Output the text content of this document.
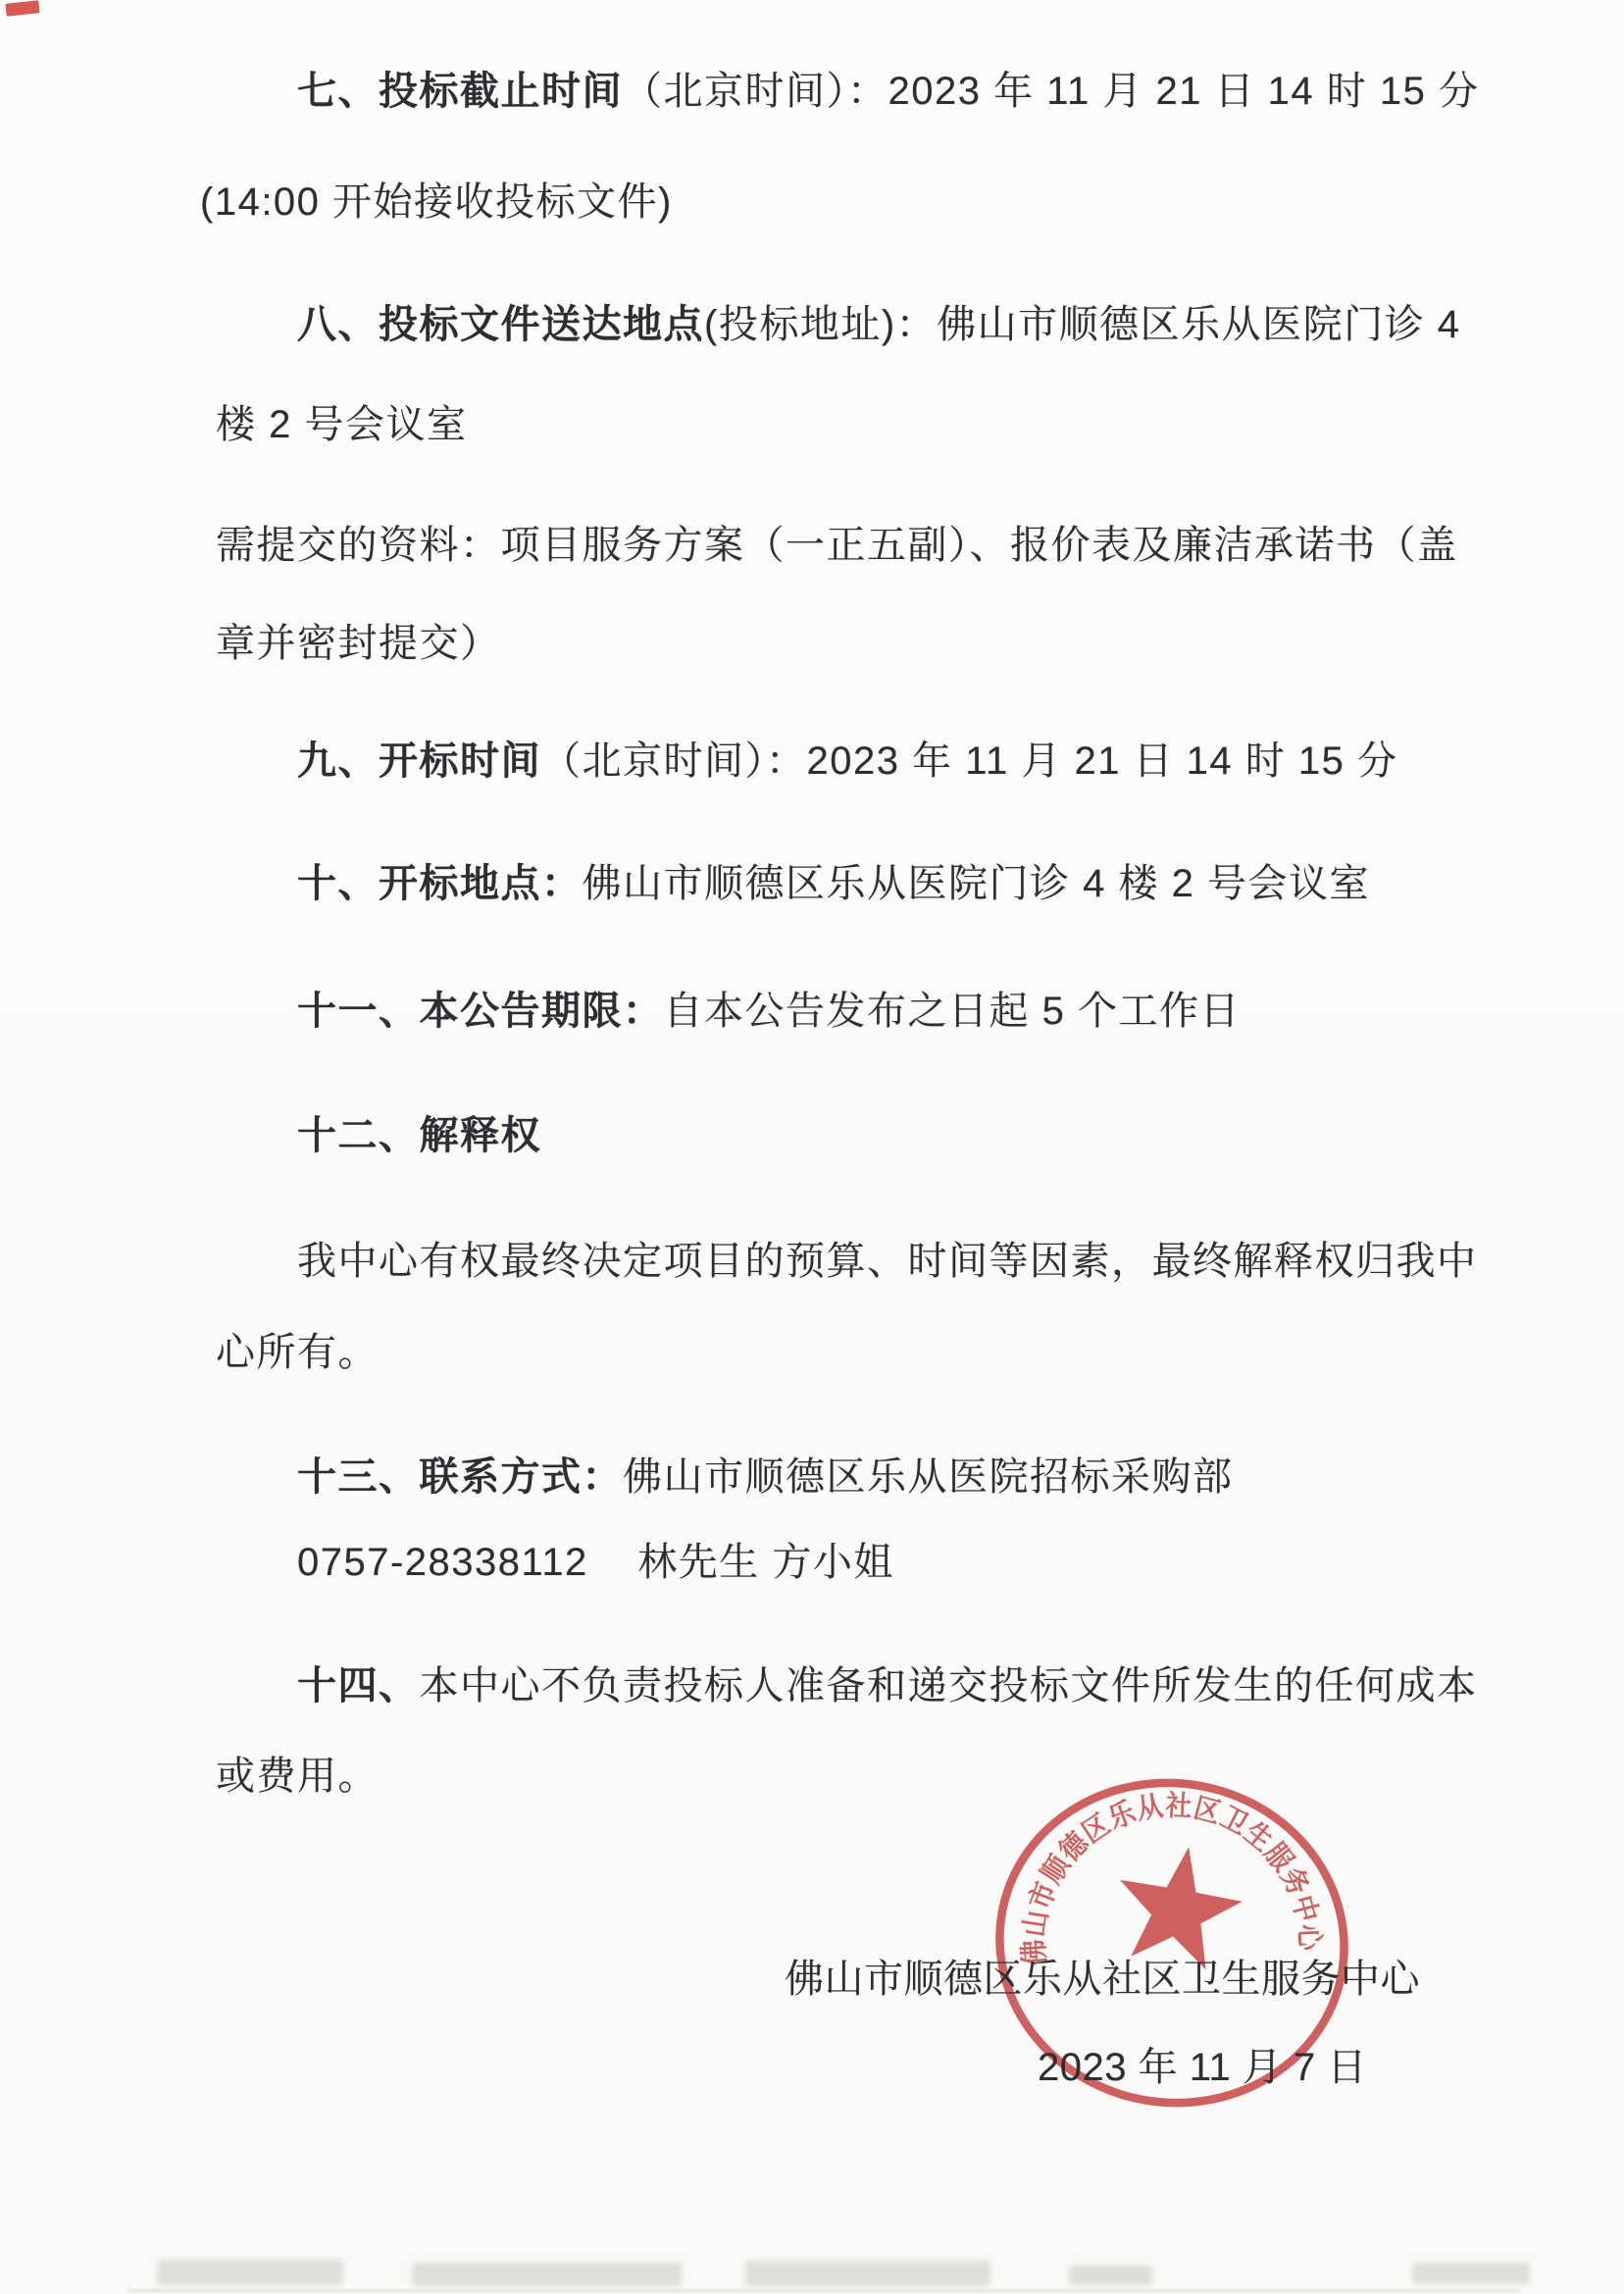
七、投标截止时间（北京时间）：2023 年 11 月 21 日 14 时 15 分
(14:00 开始接收投标文件)
八、投标文件送达地点(投标地址)：佛山市顺德区乐从医院门诊 4
楼 2 号会议室
需提交的资料：项目服务方案（一正五副）、报价表及廉洁承诺书（盖
章并密封提交）
九、开标时间（北京时间）：2023 年 11 月 21 日 14 时 15 分
十、开标地点：佛山市顺德区乐从医院门诊 4 楼 2 号会议室
十一、本公告期限：自本公告发布之日起 5 个工作日
十二、解释权
我中心有权最终决定项目的预算、时间等因素，最终解释权归我中
心所有。
十三、联系方式：佛山市顺德区乐从医院招标采购部
0757-28338112    林先生 方小姐
十四、本中心不负责投标人准备和递交投标文件所发生的任何成本
或费用。
佛山市顺德区乐从社区卫生服务中心
佛山市顺德区乐从社区卫生服务中心
2023 年 11 月 7 日
